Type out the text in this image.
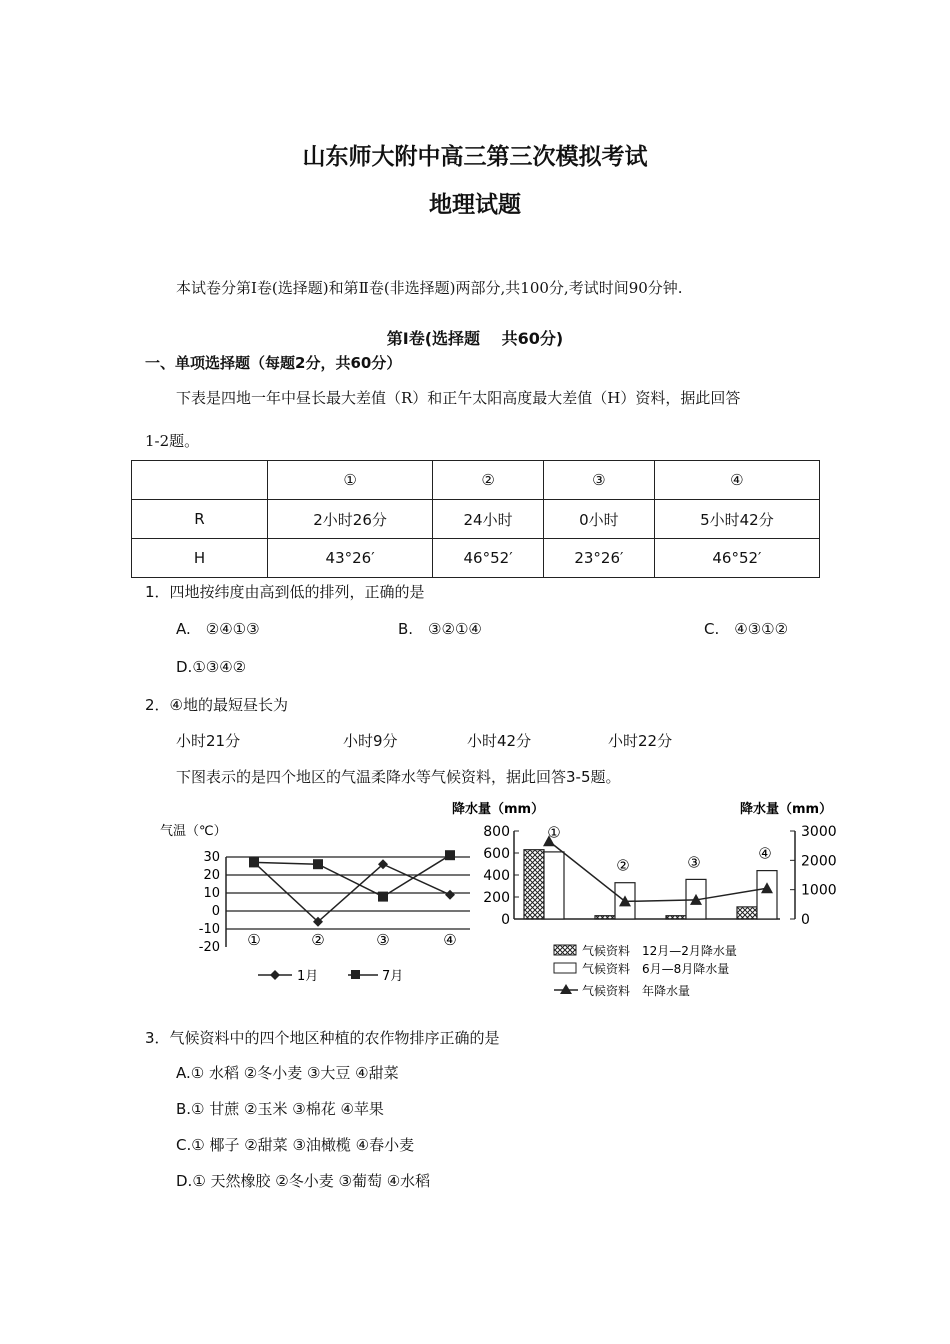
山东师大附中高三第三次模拟考试
地理试题
本试卷分第Ⅰ卷(选择题)和第Ⅱ卷(非选择题)两部分,共100分,考试时间90分钟.
第Ⅰ卷(选择题　 共60分)
一、单项选择题（每题2分，共60分）
下表是四地一年中昼长最大差值（R）和正午太阳高度最大差值（H）资料，据此回答
1-2题。
	①	②	③	④
R	2小时26分	24小时	0小时	5小时42分
H	43°26′	46°52′	23°26′	46°52′
1．四地按纬度由高到低的排列，正确的是
A.　②④①③	B.　③②①④	C.　④③①②
D.①③④②
2．④地的最短昼长为
小时21分	小时9分	小时42分	小时22分
下图表示的是四个地区的气温柔降水等气候资料，据此回答3-5题。
气温（℃）
30
20
10
0
-10
-20 ①	②	③	④
1月	7月
降水量（mm）	降水量（mm）
800
600
400
200
0
3000
2000
1000
0
①
②	③	④
气候资料　12月—2月降水量
气候资料　6月—8月降水量
气候资料　年降水量
3．气候资料中的四个地区种植的农作物排序正确的是
A.① 水稻 ②冬小麦 ③大豆 ④甜菜
B.① 甘蔗 ②玉米 ③棉花 ④苹果
C.① 椰子 ②甜菜 ③油橄榄 ④春小麦
D.① 天然橡胶 ②冬小麦 ③葡萄 ④水稻
